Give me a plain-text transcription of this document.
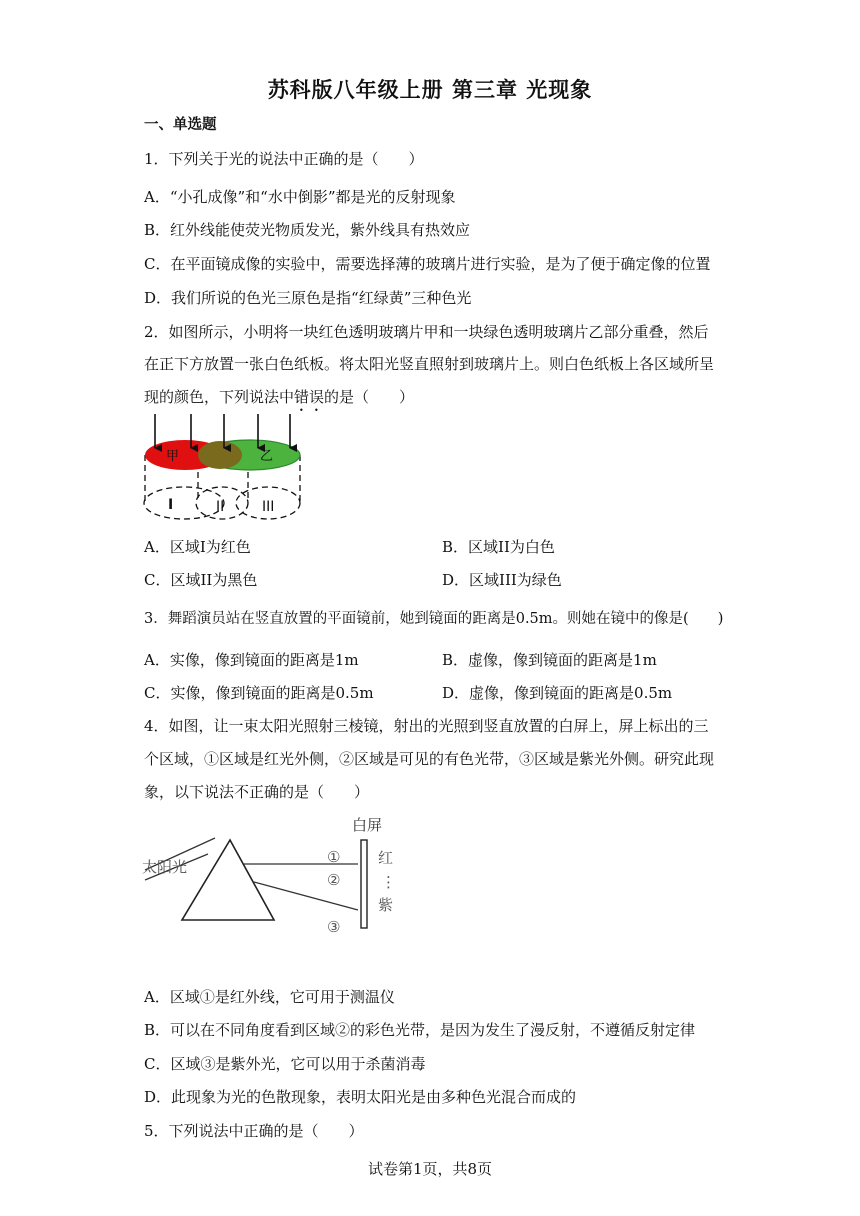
苏科版八年级上册 第三章 光现象
一、单选题
1．下列关于光的说法中正确的是（　　）
A．“小孔成像”和“水中倒影”都是光的反射现象
B．红外线能使荧光物质发光，紫外线具有热效应
C．在平面镜成像的实验中，需要选择薄的玻璃片进行实验，是为了便于确定像的位置
D．我们所说的色光三原色是指“红绿黄”三种色光
2．如图所示，小明将一块红色透明玻璃片甲和一块绿色透明玻璃片乙部分重叠，然后
在正下方放置一张白色纸板。将太阳光竖直照射到玻璃片上。则白色纸板上各区域所呈
现的颜色，下列说法中错误的是（　　）
甲	乙
I	II	III
A．区域I为红色	B．区域II为白色
C．区域II为黑色	D．区域III为绿色
3．舞蹈演员站在竖直放置的平面镜前，她到镜面的距离是0.5m。则她在镜中的像是(　　)
A．实像，像到镜面的距离是1m	B．虚像，像到镜面的距离是1m
C．实像，像到镜面的距离是0.5m	D．虚像，像到镜面的距离是0.5m
4．如图，让一束太阳光照射三棱镜，射出的光照到竖直放置的白屏上，屏上标出的三
个区域，①区域是红光外侧，②区域是可见的有色光带，③区域是紫光外侧。研究此现
象，以下说法不正确的是（　　）
太阳光
白屏
①
②
③
红
⋮
紫
A．区域①是红外线，它可用于测温仪
B．可以在不同角度看到区域②的彩色光带，是因为发生了漫反射，不遵循反射定律
C．区域③是紫外光，它可以用于杀菌消毒
D．此现象为光的色散现象，表明太阳光是由多种色光混合而成的
5．下列说法中正确的是（　　）
试卷第1页，共8页
